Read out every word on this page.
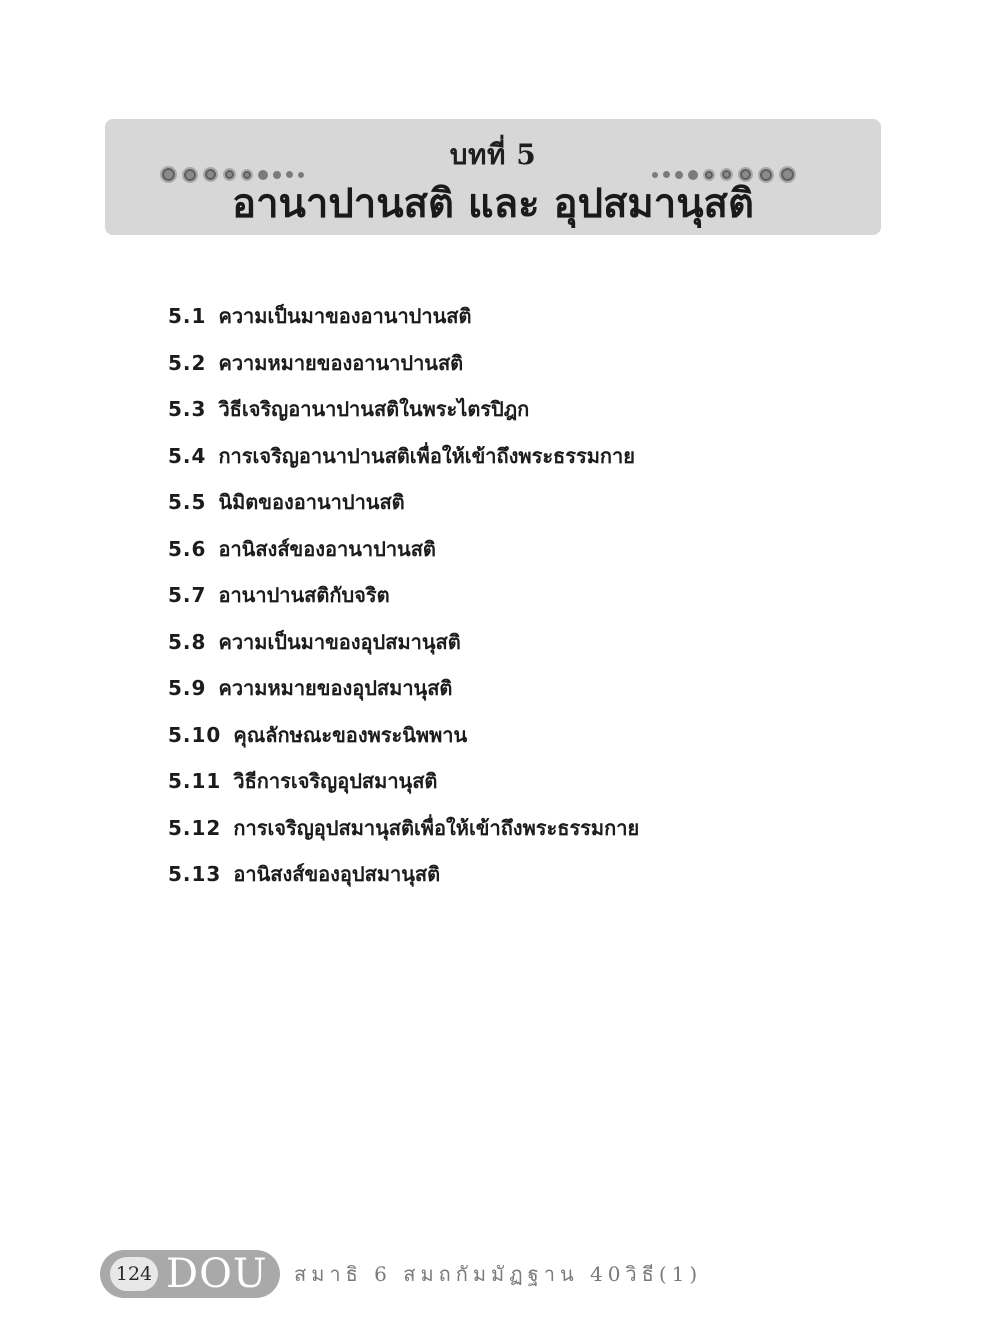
บทที่ 5
อานาปานสติ และ อุปสมานุสติ
5.1 ความเป็นมาของอานาปานสติ
5.2 ความหมายของอานาปานสติ
5.3 วิธีเจริญอานาปานสติในพระไตรปิฎก
5.4 การเจริญอานาปานสติเพื่อให้เข้าถึงพระธรรมกาย
5.5 นิมิตของอานาปานสติ
5.6 อานิสงส์ของอานาปานสติ
5.7 อานาปานสติกับจริต
5.8 ความเป็นมาของอุปสมานุสติ
5.9 ความหมายของอุปสมานุสติ
5.10 คุณลักษณะของพระนิพพาน
5.11 วิธีการเจริญอุปสมานุสติ
5.12 การเจริญอุปสมานุสติเพื่อให้เข้าถึงพระธรรมกาย
5.13 อานิสงส์ของอุปสมานุสติ
124 DOU สมาธิ 6 สมถกัมมัฏฐาน 40วิธี(1)
